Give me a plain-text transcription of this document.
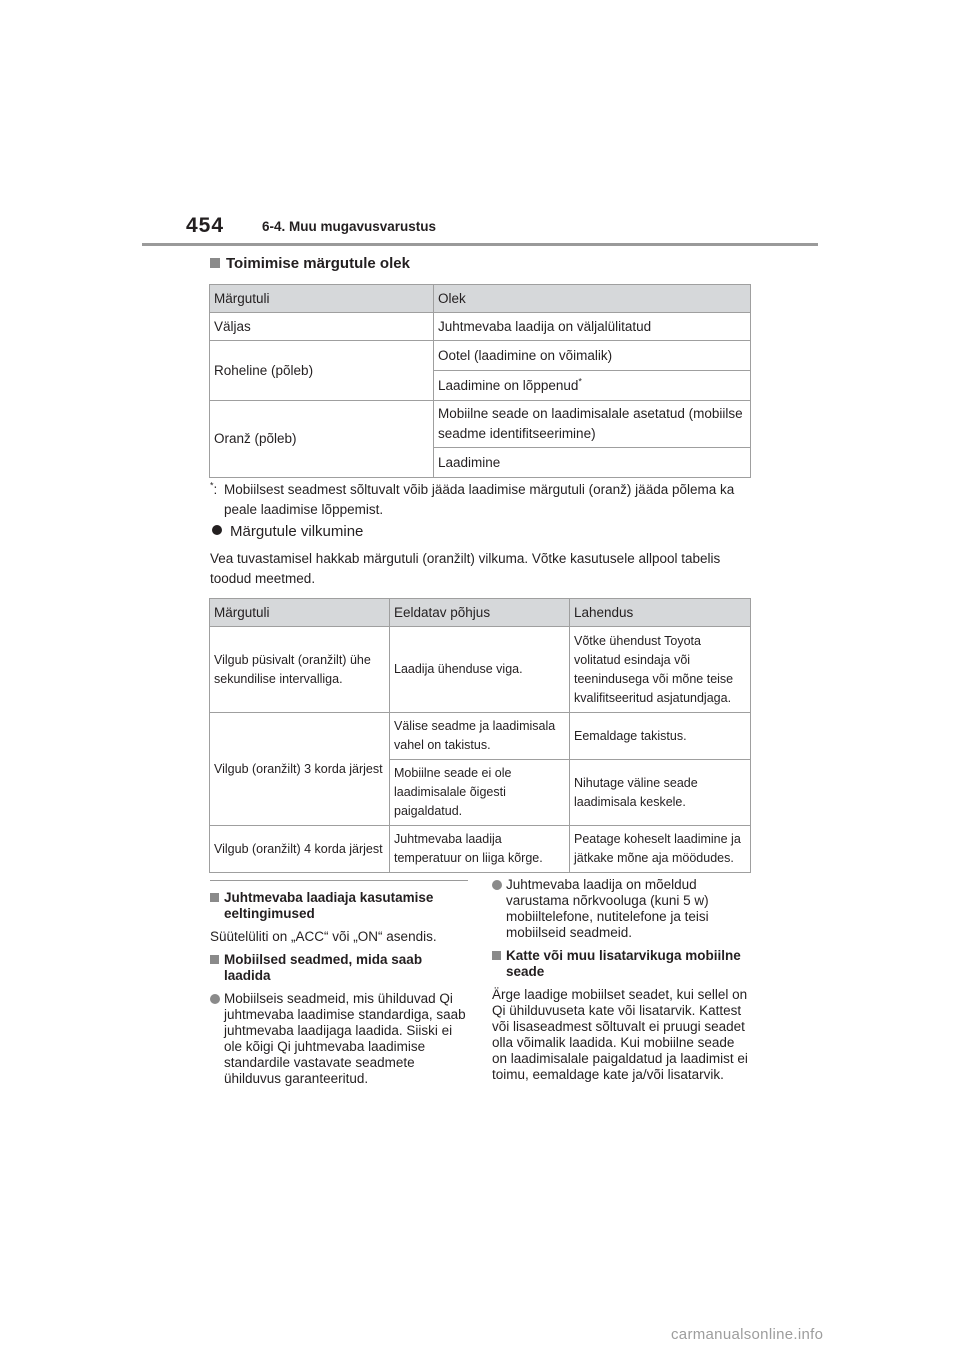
454	6-4. Muu mugavusvarustus
Toimimise märgutule olek
Märgutuli	Olek
Väljas	Juhtmevaba laadija on väljalülitatud
Roheline (põleb)	Ootel (laadimine on võimalik)
	Laadimine on lõppenud*
Oranž (põleb)	Mobiilne seade on laadimisalale asetatud (mobiilse seadme identifitseerimine)
	Laadimine
*: Mobiilsest seadmest sõltuvalt võib jääda laadimise märgutuli (oranž) jääda põlema ka peale laadimise lõppemist.
Märgutule vilkumine
Vea tuvastamisel hakkab märgutuli (oranžilt) vilkuma. Võtke kasutusele allpool tabelis toodud meetmed.
Märgutuli	Eeldatav põhjus	Lahendus
Vilgub püsivalt (oranžilt) ühe sekundilise intervalliga.	Laadija ühenduse viga.	Võtke ühendust Toyota volitatud esindaja või teenindusega või mõne teise kvalifitseeritud asjatundjaga.
Vilgub (oranžilt) 3 korda järjest	Välise seadme ja laadimisala vahel on takistus.	Eemaldage takistus.
	Mobiilne seade ei ole laadimisalale õigesti paigaldatud.	Nihutage väline seade laadimisala keskele.
Vilgub (oranžilt) 4 korda järjest	Juhtmevaba laadija temperatuur on liiga kõrge.	Peatage koheselt laadimine ja jätkake mõne aja möödudes.
Juhtmevaba laadiaja kasutamise eeltingimused
Süütelüliti on „ACC“ või „ON“ asendis.
Mobiilsed seadmed, mida saab laadida
Mobiilseis seadmeid, mis ühilduvad Qi juhtmevaba laadimise standardiga, saab juhtmevaba laadijaga laadida. Siiski ei ole kõigi Qi juhtmevaba laadimise standardile vastavate seadmete ühilduvus garanteeritud.
Juhtmevaba laadija on mõeldud varustama nõrkvooluga (kuni 5 w) mobiiltelefone, nutitelefone ja teisi mobiilseid seadmeid.
Katte või muu lisatarvikuga mobiilne seade
Ärge laadige mobiilset seadet, kui sellel on Qi ühilduvuseta kate või lisatarvik. Kattest või lisaseadmest sõltuvalt ei pruugi seadet olla võimalik laadida. Kui mobiilne seade on laadimisalale paigaldatud ja laadimist ei toimu, eemaldage kate ja/või lisatarvik.
carmanualsonline.info
